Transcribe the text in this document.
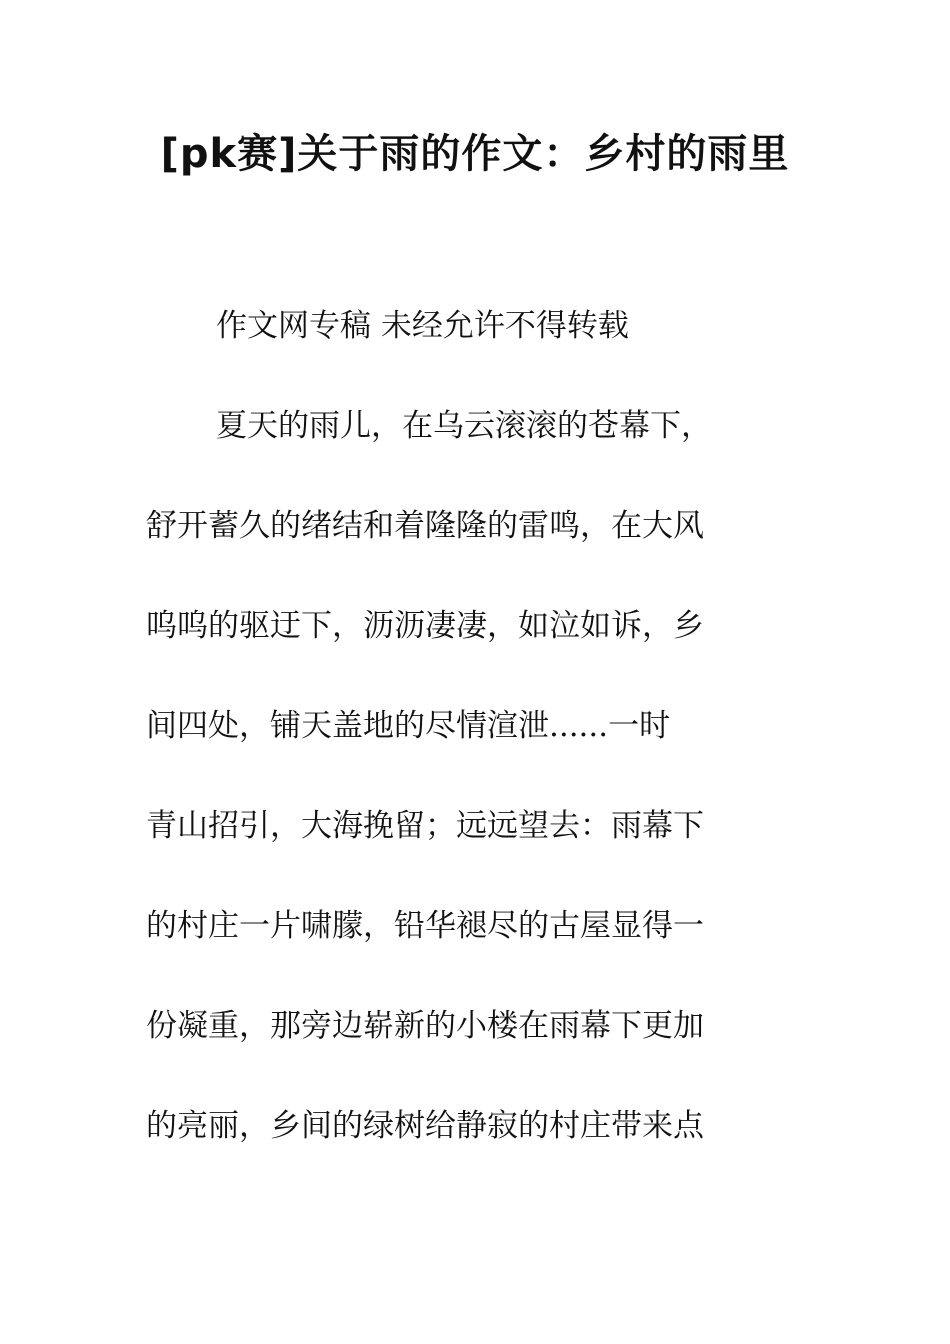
[pk赛]关于雨的作文：乡村的雨里
作文网专稿 未经允许不得转载
夏天的雨儿，在乌云滚滚的苍幕下，
舒开蓄久的绪结和着隆隆的雷鸣，在大风
呜呜的驱迂下，沥沥凄凄，如泣如诉，乡
间四处，铺天盖地的尽情渲泄......一时
青山招引，大海挽留；远远望去：雨幕下
的村庄一片啸朦，铅华褪尽的古屋显得一
份凝重，那旁边崭新的小楼在雨幕下更加
的亮丽，乡间的绿树给静寂的村庄带来点
